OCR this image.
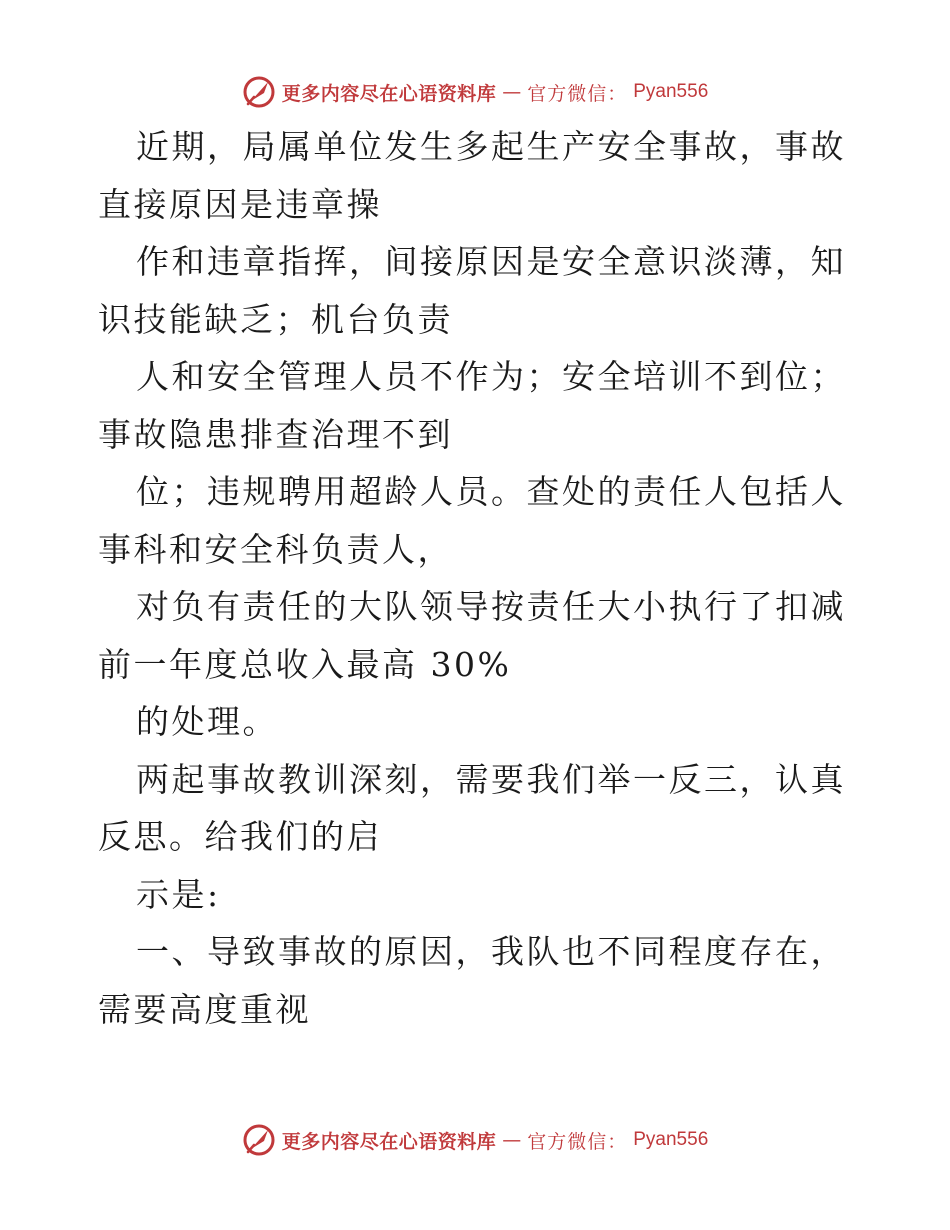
更多内容尽在心语资料库 — 官方微信： Pyan556

近期，局属单位发生多起生产安全事故，事故直接原因是违章操

作和违章指挥，间接原因是安全意识淡薄，知识技能缺乏；机台负责

人和安全管理人员不作为；安全培训不到位；事故隐患排查治理不到

位；违规聘用超龄人员。查处的责任人包括人事科和安全科负责人，

对负有责任的大队领导按责任大小执行了扣减前一年度总收入最高 30%

的处理。

两起事故教训深刻，需要我们举一反三，认真反思。给我们的启

示是:

一、导致事故的原因，我队也不同程度存在，需要高度重视

更多内容尽在心语资料库 — 官方微信： Pyan556
